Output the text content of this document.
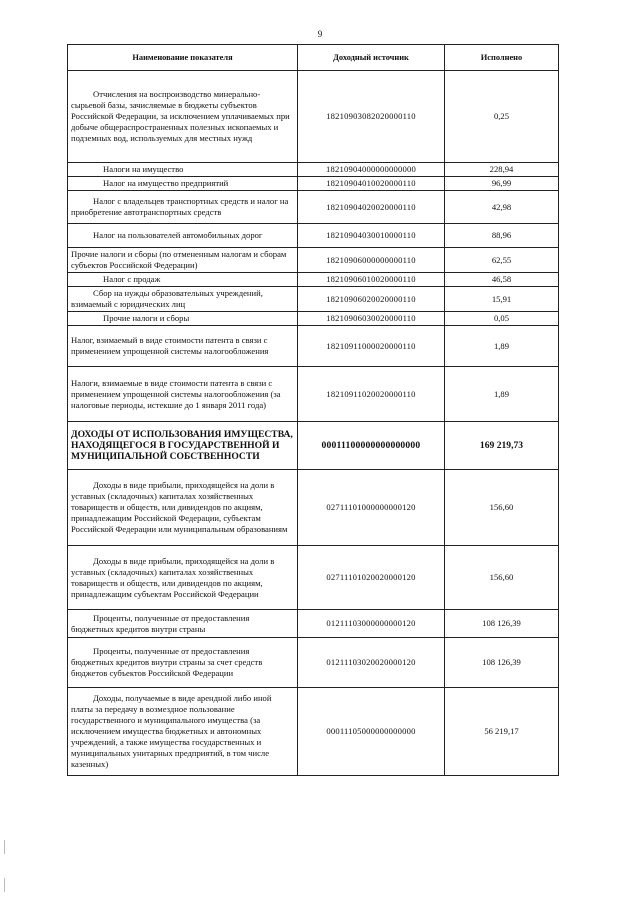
9
Наименование показателя	Доходный источник	Исполнено
Отчисления на воспроизводство минерально-сырьевой базы, зачисляемые в бюджеты субъектов Российской Федерации, за исключением уплачиваемых при добыче общераспространенных полезных ископаемых и подземных вод, используемых для местных нужд	18210903082020000110	0,25
Налоги на имущество	18210904000000000000	228,94
Налог на имущество предприятий	18210904010020000110	96,99
Налог с владельцев транспортных средств и налог на приобретение автотранспортных средств	18210904020020000110	42,98
Налог на пользователей автомобильных дорог	18210904030010000110	88,96
Прочие налоги и сборы (по отмененным налогам и сборам субъектов Российской Федерации)	18210906000000000110	62,55
Налог с продаж	18210906010020000110	46,58
Сбор на нужды образовательных учреждений, взимаемый с юридических лиц	18210906020020000110	15,91
Прочие налоги и сборы	18210906030020000110	0,05
Налог, взимаемый в виде стоимости патента в связи с применением упрощенной системы налогообложения	18210911000020000110	1,89
Налоги, взимаемые в виде стоимости патента в связи с применением упрощенной системы налогообложения (за налоговые периоды, истекшие до 1 января 2011 года)	18210911020020000110	1,89
ДОХОДЫ ОТ ИСПОЛЬЗОВАНИЯ ИМУЩЕСТВА, НАХОДЯЩЕГОСЯ В ГОСУДАРСТВЕННОЙ И МУНИЦИПАЛЬНОЙ СОБСТВЕННОСТИ	00011100000000000000	169 219,73
Доходы в виде прибыли, приходящейся на доли в уставных (складочных) капиталах хозяйственных товариществ и обществ, или дивидендов по акциям, принадлежащим Российской Федерации, субъектам Российской Федерации или муниципальным образованиям	02711101000000000120	156,60
Доходы в виде прибыли, приходящейся на доли в уставных (складочных) капиталах хозяйственных товариществ и обществ, или дивидендов по акциям, принадлежащим субъектам Российской Федерации	02711101020020000120	156,60
Проценты, полученные от предоставления бюджетных кредитов внутри страны	01211103000000000120	108 126,39
Проценты, полученные от предоставления бюджетных кредитов внутри страны за счет средств бюджетов субъектов Российской Федерации	01211103020020000120	108 126,39
Доходы, получаемые в виде арендной либо иной платы за передачу в возмездное пользование государственного и муниципального имущества (за исключением имущества бюджетных и автономных учреждений, а также имущества государственных и муниципальных унитарных предприятий, в том числе казенных)	00011105000000000000	56 219,17
